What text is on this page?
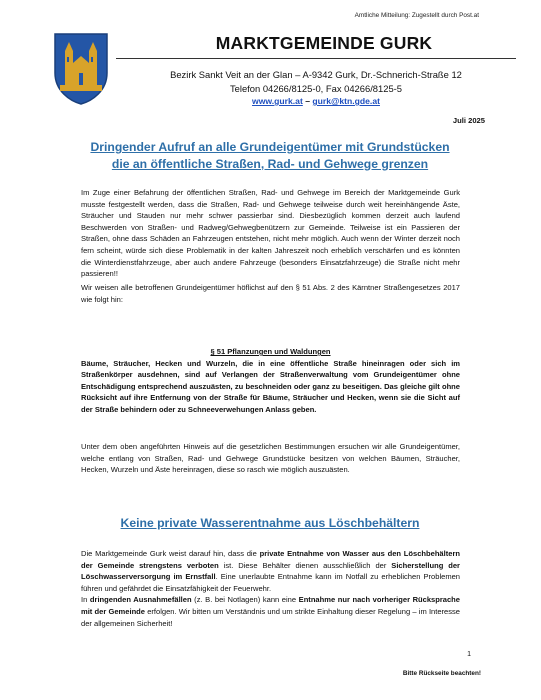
Amtliche Mitteilung: Zugestellt durch Post.at
MARKTGEMEINDE GURK
Bezirk Sankt Veit an der Glan – A-9342 Gurk, Dr.-Schnerich-Straße 12
Telefon 04266/8125-0, Fax 04266/8125-5
www.gurk.at – gurk@ktn.gde.at
Juli 2025
Dringender Aufruf an alle Grundeigentümer mit Grundstücken
die an öffentliche Straßen, Rad- und Gehwege grenzen
Im Zuge einer Befahrung der öffentlichen Straßen, Rad- und Gehwege im Bereich der Marktgemeinde Gurk musste festgestellt werden, dass die Straßen, Rad- und Gehwege teilweise durch weit hereinhängende Äste, Sträucher und Stauden nur mehr schwer passierbar sind. Diesbezüglich kommen derzeit auch laufend Beschwerden von Straßen- und Radweg/Gehwegbenützern zur Gemeinde. Teilweise ist ein Passieren der Straßen, ohne dass Schäden an Fahrzeugen entstehen, nicht mehr möglich. Auch wenn der Winter derzeit noch fern scheint, würde sich diese Problematik in der kalten Jahreszeit noch erheblich verschärfen und es könnten die Winterdienstfahrzeuge, aber auch andere Fahrzeuge (besonders Einsatzfahrzeuge) die Straße nicht mehr passieren!!
Wir weisen alle betroffenen Grundeigentümer höflichst auf den § 51 Abs. 2 des Kärntner Straßengesetzes 2017 wie folgt hin:
§ 51 Pflanzungen und Waldungen
Bäume, Sträucher, Hecken und Wurzeln, die in eine öffentliche Straße hineinragen oder sich im Straßenkörper ausdehnen, sind auf Verlangen der Straßenverwaltung vom Grundeigentümer ohne Entschädigung entsprechend auszuästen, zu beschneiden oder ganz zu beseitigen. Das gleiche gilt ohne Rücksicht auf ihre Entfernung von der Straße für Bäume, Sträucher und Hecken, wenn sie die Sicht auf der Straße behindern oder zu Schneeverwehungen Anlass geben.
Unter dem oben angeführten Hinweis auf die gesetzlichen Bestimmungen ersuchen wir alle Grundeigentümer, welche entlang von Straßen, Rad- und Gehwege Grundstücke besitzen von welchen Bäumen, Sträucher, Hecken, Wurzeln und Äste hereinragen, diese so rasch wie möglich auszuästen.
Keine private Wasserentnahme aus Löschbehältern
Die Marktgemeinde Gurk weist darauf hin, dass die private Entnahme von Wasser aus den Löschbehältern der Gemeinde strengstens verboten ist. Diese Behälter dienen ausschließlich der Sicherstellung der Löschwasserversorgung im Ernstfall. Eine unerlaubte Entnahme kann im Notfall zu erheblichen Problemen führen und gefährdet die Einsatzfähigkeit der Feuerwehr.
In dringenden Ausnahmefällen (z. B. bei Notlagen) kann eine Entnahme nur nach vorheriger Rücksprache mit der Gemeinde erfolgen. Wir bitten um Verständnis und um strikte Einhaltung dieser Regelung – im Interesse der allgemeinen Sicherheit!
1
Bitte Rückseite beachten!
